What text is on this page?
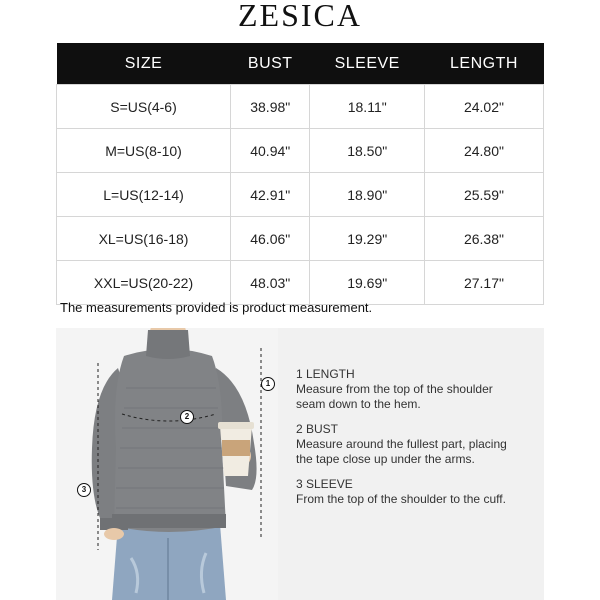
ZESICA
SIZE	BUST	SLEEVE	LENGTH
S=US(4-6)	38.98"	18.11"	24.02"
M=US(8-10)	40.94"	18.50"	24.80"
L=US(12-14)	42.91"	18.90"	25.59"
XL=US(16-18)	46.06"	19.29"	26.38"
XXL=US(20-22)	48.03"	19.69"	27.17"
The measurements provided is product measurement.
1
2
3
1 LENGTH
Measure from the top of the shoulder
seam down to the hem.
2 BUST
Measure around the fullest part, placing
the tape close up under the arms.
3 SLEEVE
From the top of the shoulder to the cuff.
